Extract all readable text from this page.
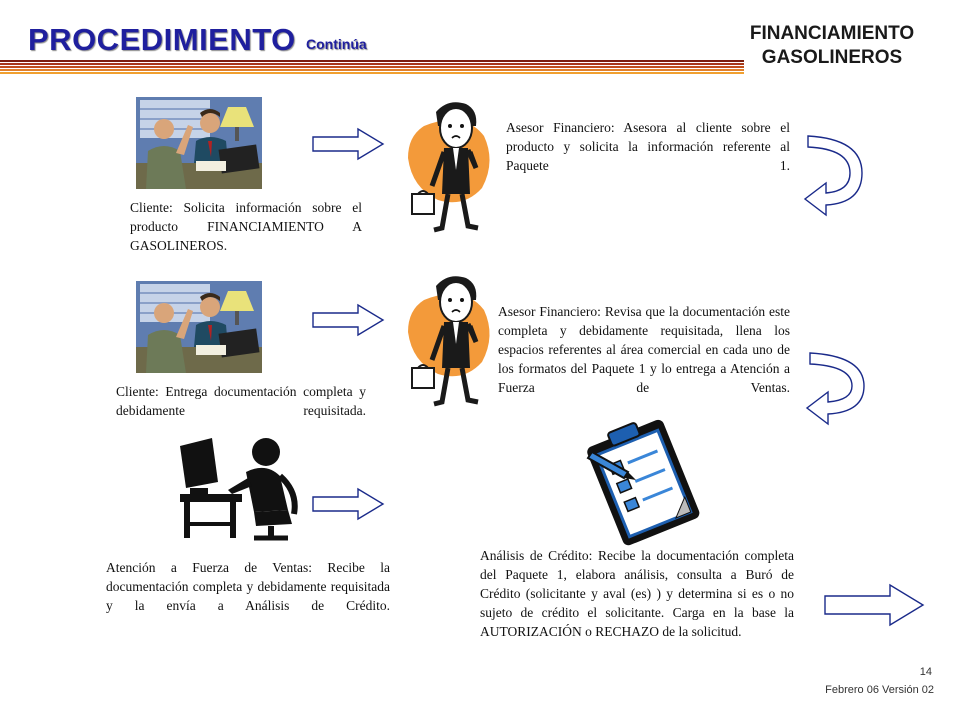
PROCEDIMIENTO Continúa	FINANCIAMIENTO
GASOLINEROS
Asesor Financiero: Asesora al cliente sobre el producto y solicita la información referente al Paquete 1.
Cliente: Solicita información sobre el producto FINANCIAMIENTO A GASOLINEROS.
Asesor Financiero: Revisa que la documentación este completa y debidamente requisitada, llena los espacios referentes al área comercial en cada uno de los formatos del Paquete 1 y lo entrega a Atención a Fuerza de Ventas.
Cliente: Entrega documentación completa y debidamente requisitada.
Atención a Fuerza de Ventas: Recibe la documentación completa y debidamente requisitada y la envía a Análisis de Crédito.
Análisis de Crédito: Recibe la documentación completa del Paquete 1, elabora análisis, consulta a Buró de Crédito (solicitante y aval (es) ) y determina si es o no sujeto de crédito el solicitante. Carga en la base la AUTORIZACIÓN o RECHAZO de la solicitud.
14
Febrero 06 Versión 02
